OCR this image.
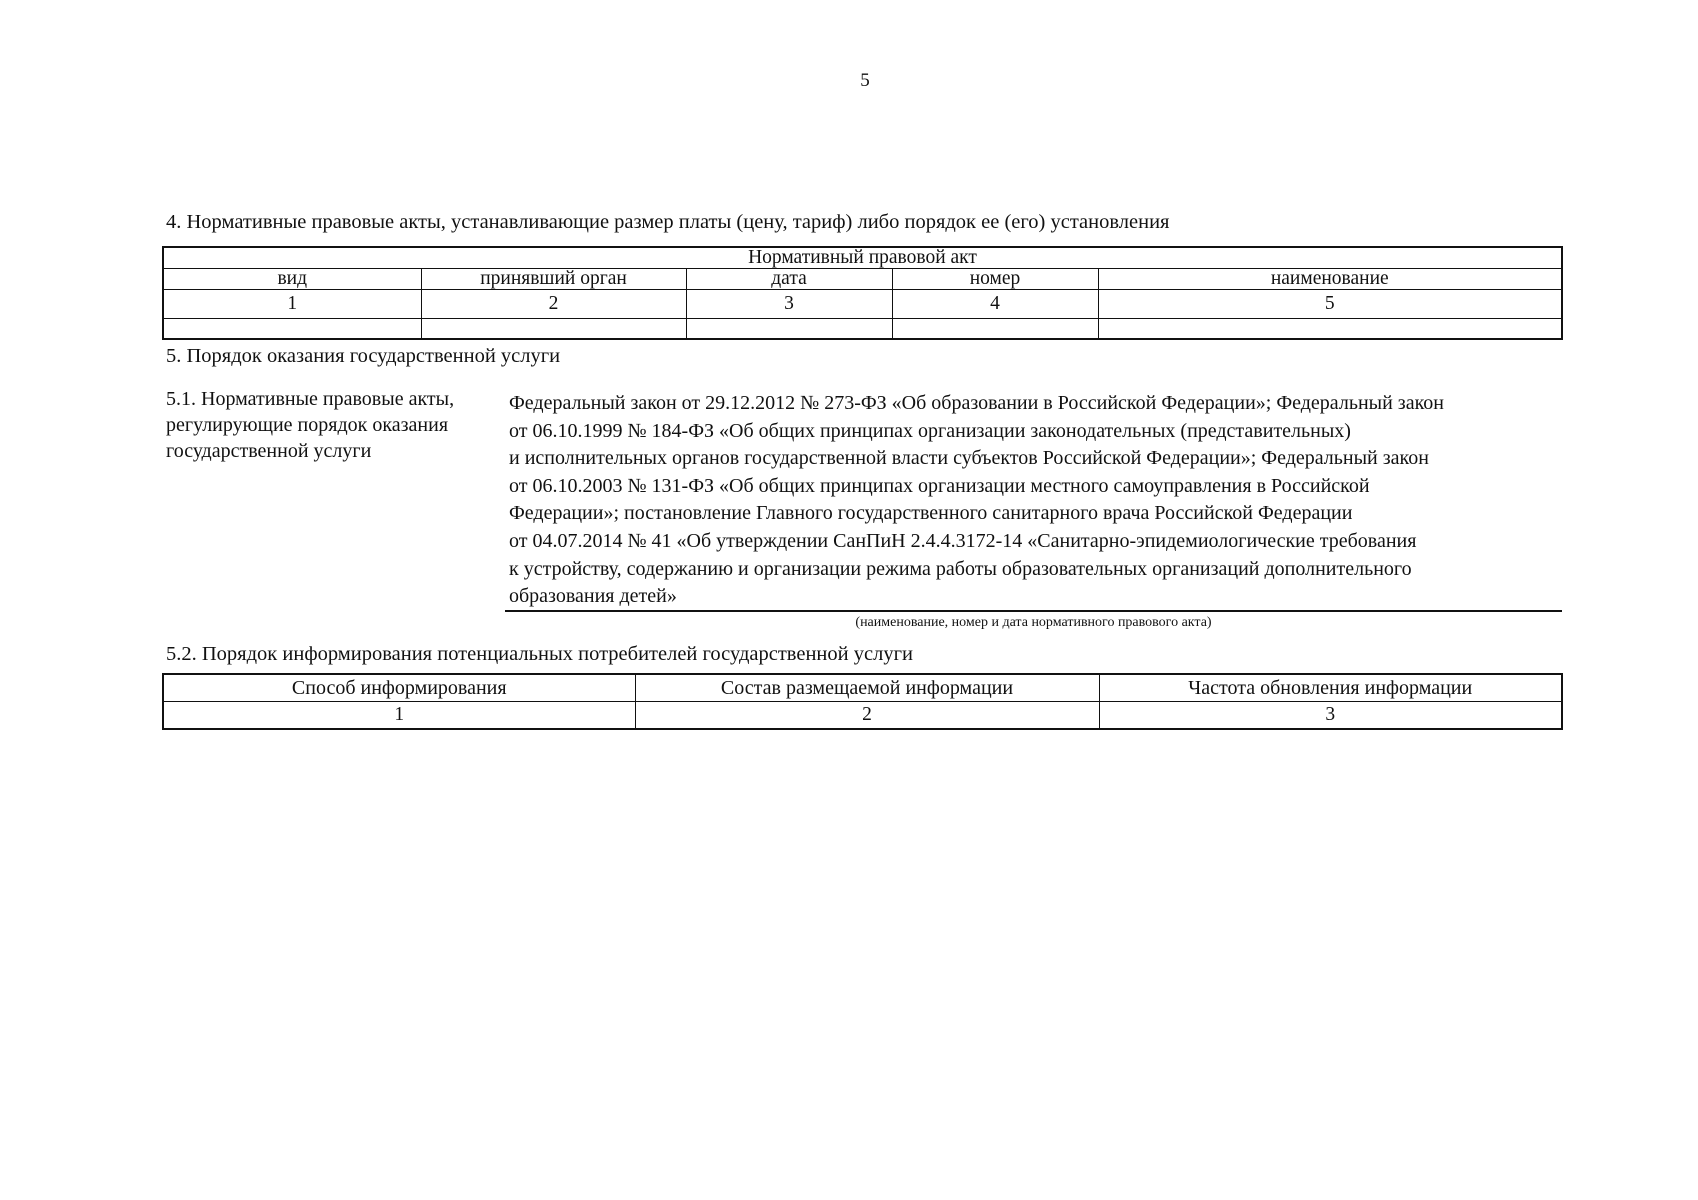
5
4. Нормативные правовые акты, устанавливающие размер платы (цену, тариф) либо порядок ее (его) установления
Нормативный правовой акт				
вид	принявший орган	дата	номер	наименование
1	2	3	4	5

5. Порядок оказания государственной услуги
5.1. Нормативные правовые акты, регулирующие порядок оказания государственной услуги
Федеральный закон от 29.12.2012 № 273-ФЗ «Об образовании в Российской Федерации»; Федеральный закон
от 06.10.1999 № 184-ФЗ «Об общих принципах организации законодательных (представительных)
и исполнительных органов государственной власти субъектов Российской Федерации»; Федеральный закон
от 06.10.2003 № 131-ФЗ «Об общих принципах организации местного самоуправления в Российской
Федерации»; постановление Главного государственного санитарного врача Российской Федерации
от 04.07.2014 № 41 «Об утверждении СанПиН 2.4.4.3172-14 «Санитарно-эпидемиологические требования
к устройству, содержанию и организации режима работы образовательных организаций дополнительного
образования детей»
(наименование, номер и дата нормативного правового акта)
5.2. Порядок информирования потенциальных потребителей государственной услуги
Способ информирования	Состав размещаемой информации	Частота обновления информации
1	2	3
